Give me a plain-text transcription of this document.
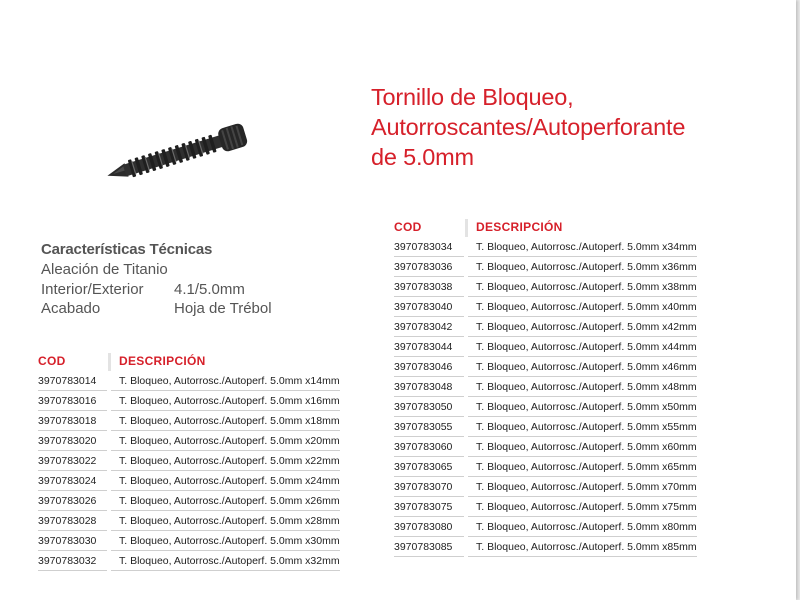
Tornillo de Bloqueo,
Autorroscantes/Autoperforante
de 5.0mm
Características Técnicas
Aleación de Titanio
Interior/Exterior 4.1/5.0mm
Acabado	Hoja de Trébol
COD		DESCRIPCIÓN
3970783014		T. Bloqueo, Autorrosc./Autoperf. 5.0mm x14mm
3970783016		T. Bloqueo, Autorrosc./Autoperf. 5.0mm x16mm
3970783018		T. Bloqueo, Autorrosc./Autoperf. 5.0mm x18mm
3970783020		T. Bloqueo, Autorrosc./Autoperf. 5.0mm x20mm
3970783022		T. Bloqueo, Autorrosc./Autoperf. 5.0mm x22mm
3970783024		T. Bloqueo, Autorrosc./Autoperf. 5.0mm x24mm
3970783026		T. Bloqueo, Autorrosc./Autoperf. 5.0mm x26mm
3970783028		T. Bloqueo, Autorrosc./Autoperf. 5.0mm x28mm
3970783030		T. Bloqueo, Autorrosc./Autoperf. 5.0mm x30mm
3970783032		T. Bloqueo, Autorrosc./Autoperf. 5.0mm x32mm
COD		DESCRIPCIÓN
3970783034		T. Bloqueo, Autorrosc./Autoperf. 5.0mm x34mm
3970783036		T. Bloqueo, Autorrosc./Autoperf. 5.0mm x36mm
3970783038		T. Bloqueo, Autorrosc./Autoperf. 5.0mm x38mm
3970783040		T. Bloqueo, Autorrosc./Autoperf. 5.0mm x40mm
3970783042		T. Bloqueo, Autorrosc./Autoperf. 5.0mm x42mm
3970783044		T. Bloqueo, Autorrosc./Autoperf. 5.0mm x44mm
3970783046		T. Bloqueo, Autorrosc./Autoperf. 5.0mm x46mm
3970783048		T. Bloqueo, Autorrosc./Autoperf. 5.0mm x48mm
3970783050		T. Bloqueo, Autorrosc./Autoperf. 5.0mm x50mm
3970783055		T. Bloqueo, Autorrosc./Autoperf. 5.0mm x55mm
3970783060		T. Bloqueo, Autorrosc./Autoperf. 5.0mm x60mm
3970783065		T. Bloqueo, Autorrosc./Autoperf. 5.0mm x65mm
3970783070		T. Bloqueo, Autorrosc./Autoperf. 5.0mm x70mm
3970783075		T. Bloqueo, Autorrosc./Autoperf. 5.0mm x75mm
3970783080		T. Bloqueo, Autorrosc./Autoperf. 5.0mm x80mm
3970783085		T. Bloqueo, Autorrosc./Autoperf. 5.0mm x85mm
